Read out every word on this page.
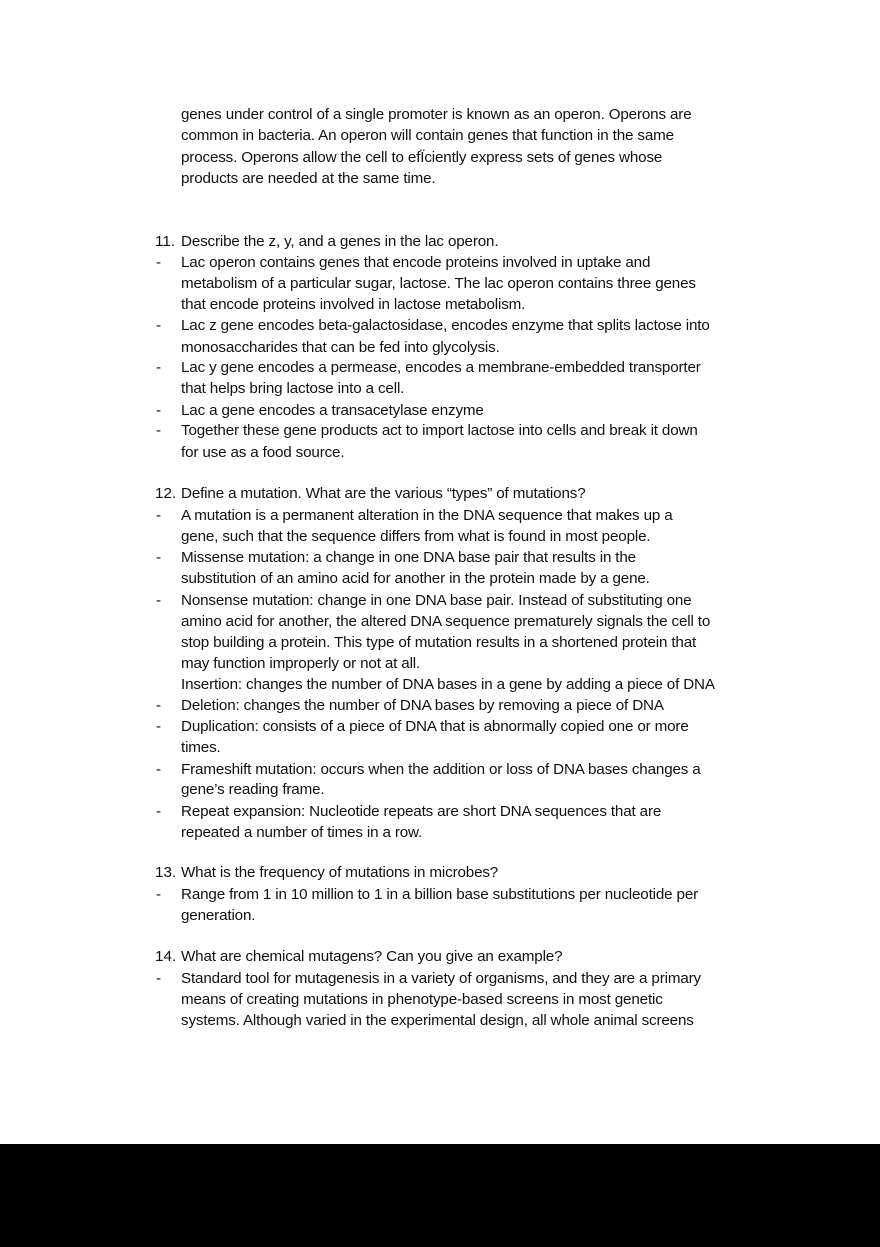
genes under control of a single promoter is known as an operon. Operons are
common in bacteria. An operon will contain genes that function in the same
process. Operons allow the cell to efÏciently express sets of genes whose
products are needed at the same time.
11. Describe the z, y, and a genes in the lac operon.
- Lac operon contains genes that encode proteins involved in uptake and
metabolism of a particular sugar, lactose. The lac operon contains three genes
that encode proteins involved in lactose metabolism.
- Lac z gene encodes beta-galactosidase, encodes enzyme that splits lactose into
monosaccharides that can be fed into glycolysis.
- Lac y gene encodes a permease, encodes a membrane-embedded transporter
that helps bring lactose into a cell.
- Lac a gene encodes a transacetylase enzyme
- Together these gene products act to import lactose into cells and break it down
for use as a food source.
12. Define a mutation. What are the various “types” of mutations?
- A mutation is a permanent alteration in the DNA sequence that makes up a
gene, such that the sequence differs from what is found in most people.
- Missense mutation: a change in one DNA base pair that results in the
substitution of an amino acid for another in the protein made by a gene.
- Nonsense mutation: change in one DNA base pair. Instead of substituting one
amino acid for another, the altered DNA sequence prematurely signals the cell to
stop building a protein. This type of mutation results in a shortened protein that
may function improperly or not at all.
Insertion: changes the number of DNA bases in a gene by adding a piece of DNA
- Deletion: changes the number of DNA bases by removing a piece of DNA
- Duplication: consists of a piece of DNA that is abnormally copied one or more
times.
- Frameshift mutation: occurs when the addition or loss of DNA bases changes a
gene’s reading frame.
- Repeat expansion: Nucleotide repeats are short DNA sequences that are
repeated a number of times in a row.
13. What is the frequency of mutations in microbes?
- Range from 1 in 10 million to 1 in a billion base substitutions per nucleotide per
generation.
14. What are chemical mutagens? Can you give an example?
- Standard tool for mutagenesis in a variety of organisms, and they are a primary
means of creating mutations in phenotype-based screens in most genetic
systems. Although varied in the experimental design, all whole animal screens
